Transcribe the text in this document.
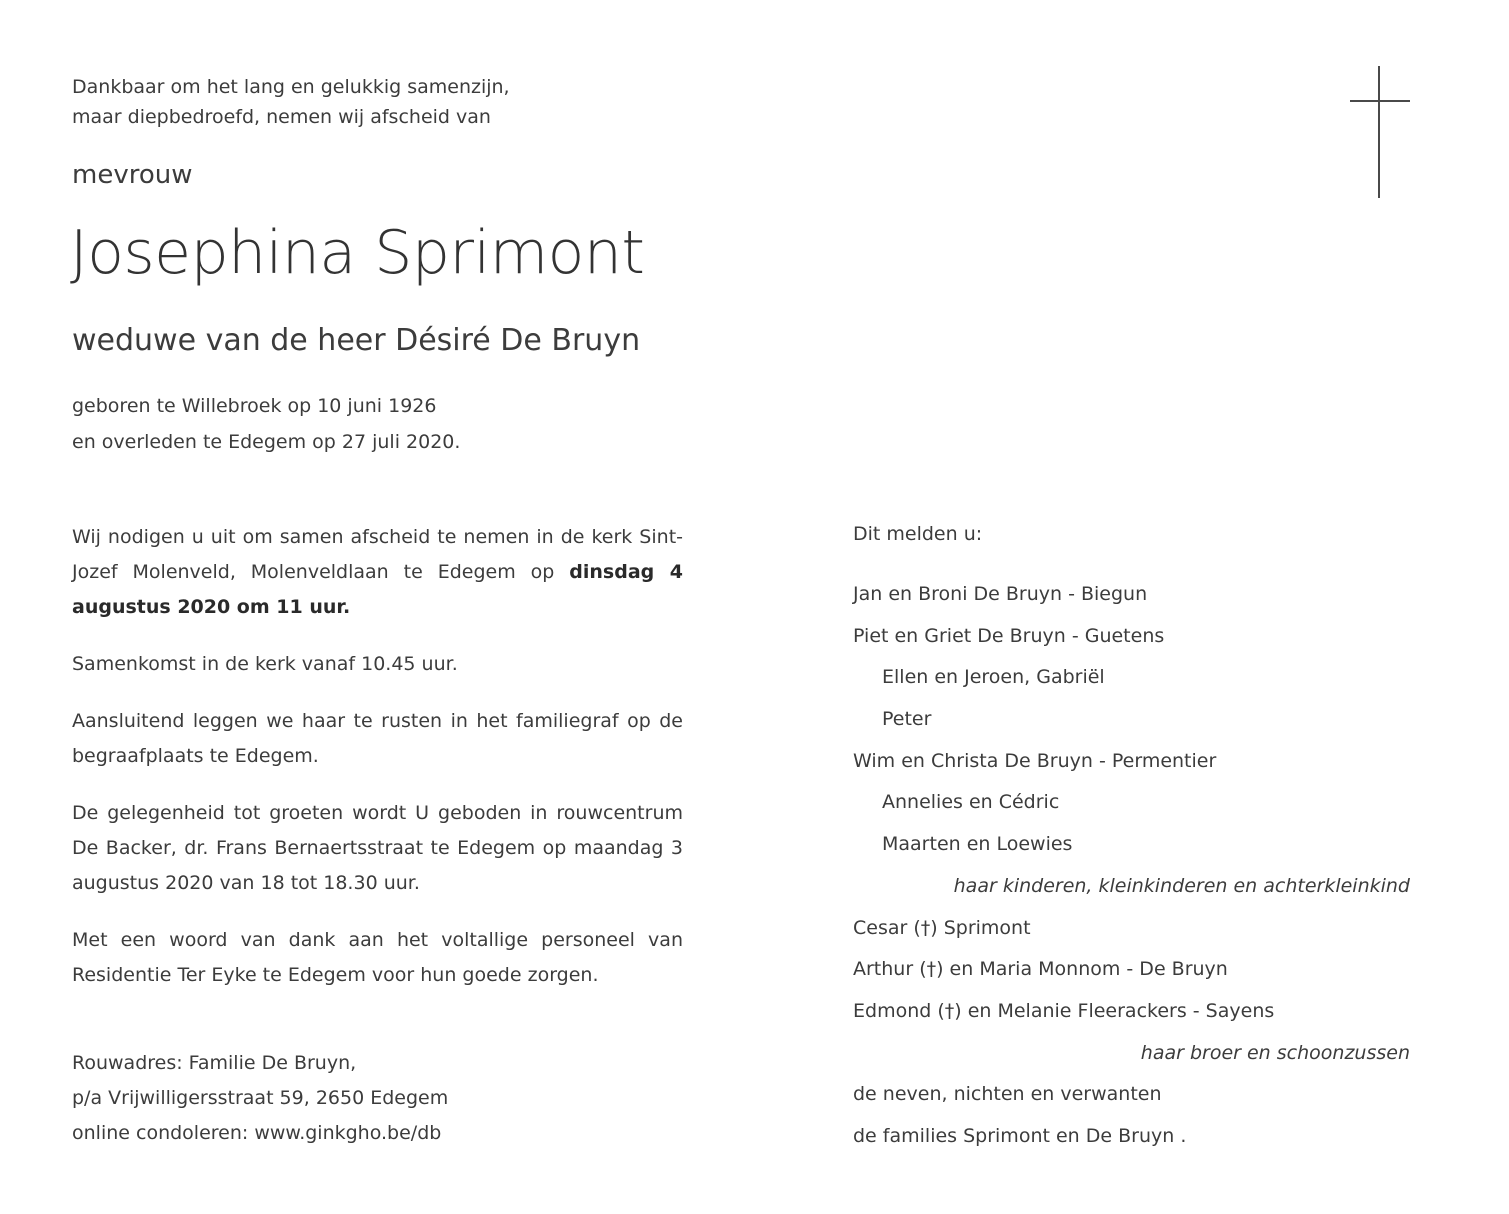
Dankbaar om het lang en gelukkig samenzijn,
maar diepbedroefd, nemen wij afscheid van
mevrouw
Josephina Sprimont
weduwe van de heer Désiré De Bruyn
geboren te Willebroek op 10 juni 1926
en overleden te Edegem op 27 juli 2020.

Wij nodigen u uit om samen afscheid te nemen in de kerk Sint-Jozef Molenveld, Molenveldlaan te Edegem op dinsdag 4 augustus 2020 om 11 uur.

Samenkomst in de kerk vanaf 10.45 uur.

Aansluitend leggen we haar te rusten in het familiegraf op de begraafplaats te Edegem.

De gelegenheid tot groeten wordt U geboden in rouwcentrum De Backer, dr. Frans Bernaertsstraat te Edegem op maandag 3 augustus 2020 van 18 tot 18.30 uur.

Met een woord van dank aan het voltallige personeel van Residentie Ter Eyke te Edegem voor hun goede zorgen.

Rouwadres: Familie De Bruyn,
p/a Vrijwilligersstraat 59, 2650 Edegem
online condoleren: www.ginkgho.be/db
Dit melden u:
Jan en Broni De Bruyn - Biegun
Piet en Griet De Bruyn - Guetens
Ellen en Jeroen, Gabriël
Peter
Wim en Christa De Bruyn - Permentier
Annelies en Cédric
Maarten en Loewies
haar kinderen, kleinkinderen en achterkleinkind
Cesar (†) Sprimont
Arthur (†) en Maria Monnom - De Bruyn
Edmond (†) en Melanie Fleerackers - Sayens
haar broer en schoonzussen
de neven, nichten en verwanten
de families Sprimont en De Bruyn .
